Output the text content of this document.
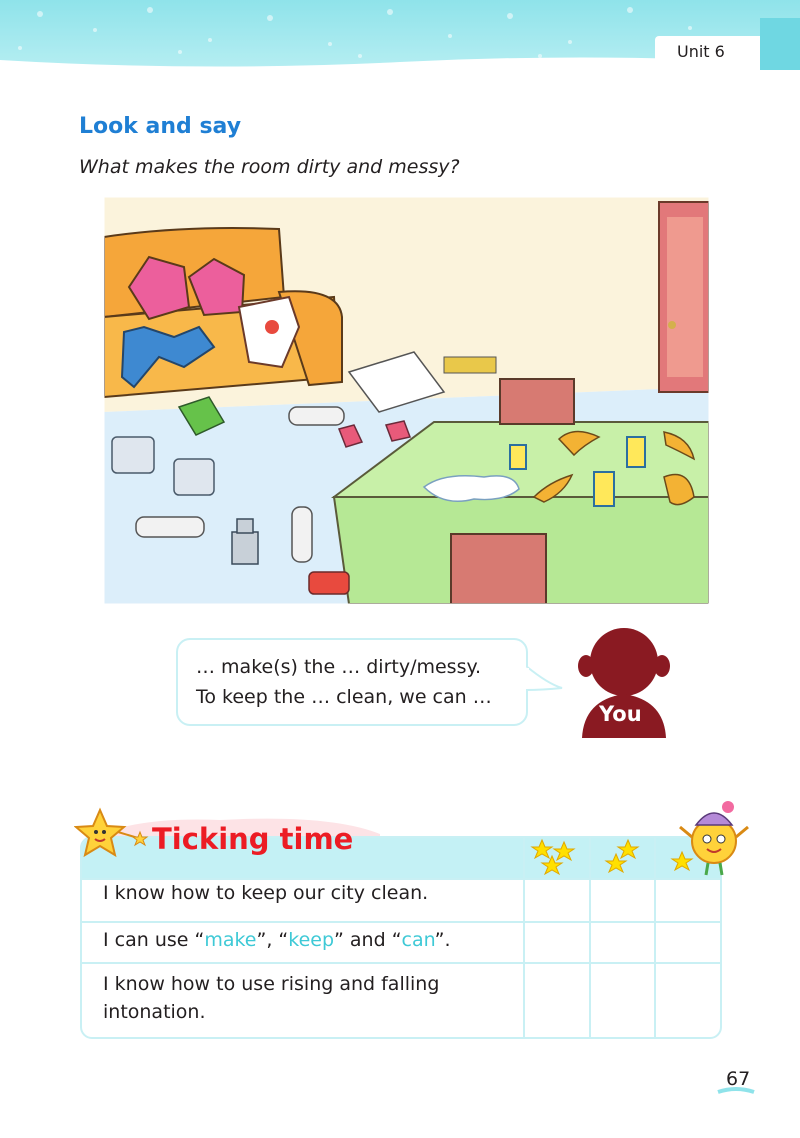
Unit 6
Look and say
What makes the room dirty and messy?
… make(s) the … dirty/messy.
To keep the … clean, we can …
You
Ticking time
I know how to keep our city clean.
I can use “make”, “keep” and “can”.
I know how to use rising and falling
intonation.
67
